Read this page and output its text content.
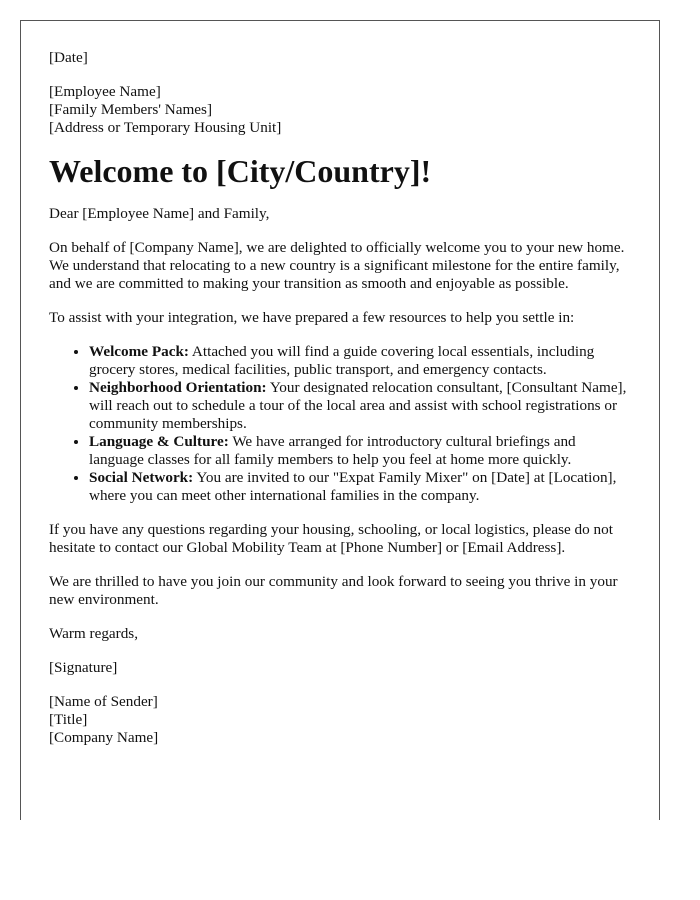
[Date]

[Employee Name]

[Family Members' Names]

[Address or Temporary Housing Unit]

Welcome to [City/Country]!

Dear [Employee Name] and Family,

On behalf of [Company Name], we are delighted to officially welcome you to your new home. We understand that relocating to a new country is a significant milestone for the entire family, and we are committed to making your transition as smooth and enjoyable as possible.

To assist with your integration, we have prepared a few resources to help you settle in:

• Welcome Pack: Attached you will find a guide covering local essentials, including grocery stores, medical facilities, public transport, and emergency contacts.
• Neighborhood Orientation: Your designated relocation consultant, [Consultant Name], will reach out to schedule a tour of the local area and assist with school registrations or community memberships.
• Language & Culture: We have arranged for introductory cultural briefings and language classes for all family members to help you feel at home more quickly.
• Social Network: You are invited to our "Expat Family Mixer" on [Date] at [Location], where you can meet other international families in the company.

If you have any questions regarding your housing, schooling, or local logistics, please do not hesitate to contact our Global Mobility Team at [Phone Number] or [Email Address].

We are thrilled to have you join our community and look forward to seeing you thrive in your new environment.

Warm regards,

[Signature]

[Name of Sender]

[Title]

[Company Name]
